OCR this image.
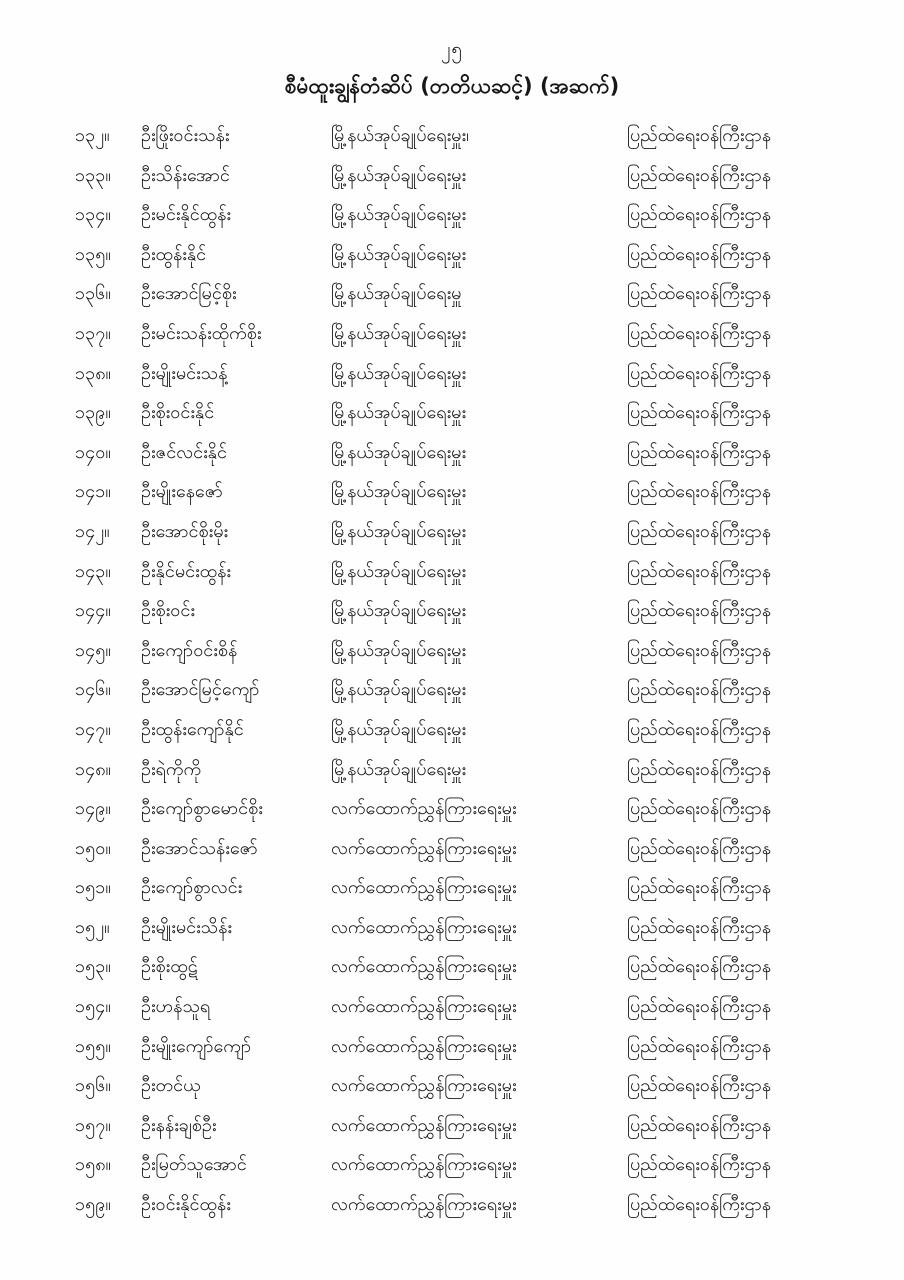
၂၅
စီမံထူးချွန်တံဆိပ် (တတိယဆင့်) (အဆက်)
၁၃၂။	ဦးဖြိုးဝင်းသန်း	မြို့နယ်အုပ်ချုပ်ရေးမှူး၊	ပြည်ထဲရေးဝန်ကြီးဌာန
၁၃၃။	ဦးသိန်းအောင်	မြို့နယ်အုပ်ချုပ်ရေးမှူး	ပြည်ထဲရေးဝန်ကြီးဌာန
၁၃၄။	ဦးမင်းနိုင်ထွန်း	မြို့နယ်အုပ်ချုပ်ရေးမှူး	ပြည်ထဲရေးဝန်ကြီးဌာန
၁၃၅။	ဦးထွန်းနိုင်	မြို့နယ်အုပ်ချုပ်ရေးမှူး	ပြည်ထဲရေးဝန်ကြီးဌာန
၁၃၆။	ဦးအောင်မြင့်စိုး	မြို့နယ်အုပ်ချုပ်ရေးမှူ	ပြည်ထဲရေးဝန်ကြီးဌာန
၁၃၇။	ဦးမင်းသန်းထိုက်စိုး	မြို့နယ်အုပ်ချုပ်ရေးမှူး	ပြည်ထဲရေးဝန်ကြီးဌာန
၁၃၈။	ဦးမျိုးမင်းသန့်	မြို့နယ်အုပ်ချုပ်ရေးမှူး	ပြည်ထဲရေးဝန်ကြီးဌာန
၁၃၉။	ဦးစိုးဝင်းနိုင်	မြို့နယ်အုပ်ချုပ်ရေးမှူး	ပြည်ထဲရေးဝန်ကြီးဌာန
၁၄၀။	ဦးဇင်လင်းနိုင်	မြို့နယ်အုပ်ချုပ်ရေးမှူး	ပြည်ထဲရေးဝန်ကြီးဌာန
၁၄၁။	ဦးမျိုးနေဇော်	မြို့နယ်အုပ်ချုပ်ရေးမှူး	ပြည်ထဲရေးဝန်ကြီးဌာန
၁၄၂။	ဦးအောင်စိုးမိုး	မြို့နယ်အုပ်ချုပ်ရေးမှူး	ပြည်ထဲရေးဝန်ကြီးဌာန
၁၄၃။	ဦးနိုင်မင်းထွန်း	မြို့နယ်အုပ်ချုပ်ရေးမှူး	ပြည်ထဲရေးဝန်ကြီးဌာန
၁၄၄။	ဦးစိုးဝင်း	မြို့နယ်အုပ်ချုပ်ရေးမှူး	ပြည်ထဲရေးဝန်ကြီးဌာန
၁၄၅။	ဦးကျော်ဝင်းစိန်	မြို့နယ်အုပ်ချုပ်ရေးမှူး	ပြည်ထဲရေးဝန်ကြီးဌာန
၁၄၆။	ဦးအောင်မြင့်ကျော်	မြို့နယ်အုပ်ချုပ်ရေးမှူး	ပြည်ထဲရေးဝန်ကြီးဌာန
၁၄၇။	ဦးထွန်းကျော်နိုင်	မြို့နယ်အုပ်ချုပ်ရေးမှူး	ပြည်ထဲရေးဝန်ကြီးဌာန
၁၄၈။	ဦးရဲကိုကို	မြို့နယ်အုပ်ချုပ်ရေးမှူး	ပြည်ထဲရေးဝန်ကြီးဌာန
၁၄၉။	ဦးကျော်စွာမောင်စိုး	လက်ထောက်ညွှန်ကြားရေးမှူး	ပြည်ထဲရေးဝန်ကြီးဌာန
၁၅၀။	ဦးအောင်သန်းဇော်	လက်ထောက်ညွှန်ကြားရေးမှူး	ပြည်ထဲရေးဝန်ကြီးဌာန
၁၅၁။	ဦးကျော်စွာလင်း	လက်ထောက်ညွှန်ကြားရေးမှူး	ပြည်ထဲရေးဝန်ကြီးဌာန
၁၅၂။	ဦးမျိုးမင်းသိန်း	လက်ထောက်ညွှန်ကြားရေးမှူး	ပြည်ထဲရေးဝန်ကြီးဌာန
၁၅၃။	ဦးစိုးထွဋ်	လက်ထောက်ညွှန်ကြားရေးမှူး	ပြည်ထဲရေးဝန်ကြီးဌာန
၁၅၄။	ဦးဟန်သူရ	လက်ထောက်ညွှန်ကြားရေးမှူး	ပြည်ထဲရေးဝန်ကြီးဌာန
၁၅၅။	ဦးမျိုးကျော်ကျော်	လက်ထောက်ညွှန်ကြားရေးမှူး	ပြည်ထဲရေးဝန်ကြီးဌာန
၁၅၆။	ဦးတင်ယု	လက်ထောက်ညွှန်ကြားရေးမှူး	ပြည်ထဲရေးဝန်ကြီးဌာန
၁၅၇။	ဦးနန်းချစ်ဦး	လက်ထောက်ညွှန်ကြားရေးမှူး	ပြည်ထဲရေးဝန်ကြီးဌာန
၁၅၈။	ဦးမြတ်သူအောင်	လက်ထောက်ညွှန်ကြားရေးမှူး	ပြည်ထဲရေးဝန်ကြီးဌာန
၁၅၉။	ဦးဝင်းနိုင်ထွန်း	လက်ထောက်ညွှန်ကြားရေးမှူး	ပြည်ထဲရေးဝန်ကြီးဌာန
